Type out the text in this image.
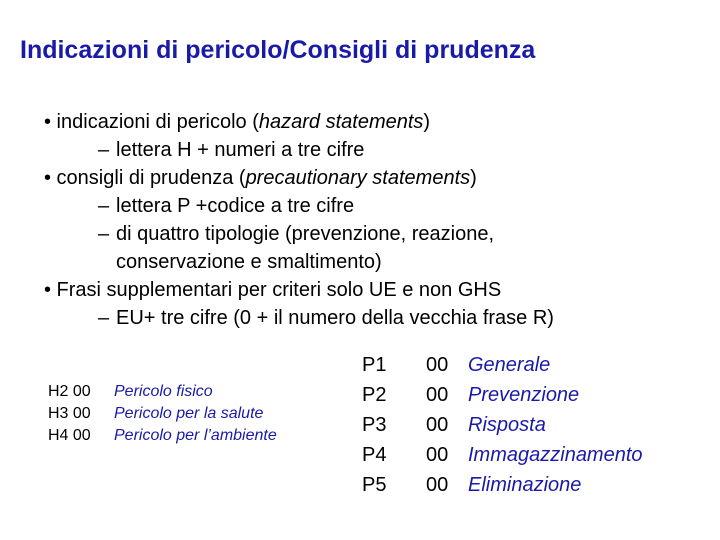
Indicazioni di pericolo/Consigli di prudenza
• indicazioni di pericolo (hazard statements)
– lettera H + numeri a tre cifre
• consigli di prudenza (precautionary statements)
– lettera P +codice a tre cifre
– di quattro tipologie (prevenzione, reazione,
conservazione e smaltimento)
• Frasi supplementari per criteri solo UE e non GHS
– EU+ tre cifre (0 + il numero della vecchia frase R)
H2 00 Pericolo fisico
H3 00 Pericolo per la salute
H4 00 Pericolo per l’ambiente
P1 00 Generale
P2 00 Prevenzione
P3 00 Risposta
P4 00 Immagazzinamento
P5 00 Eliminazione
